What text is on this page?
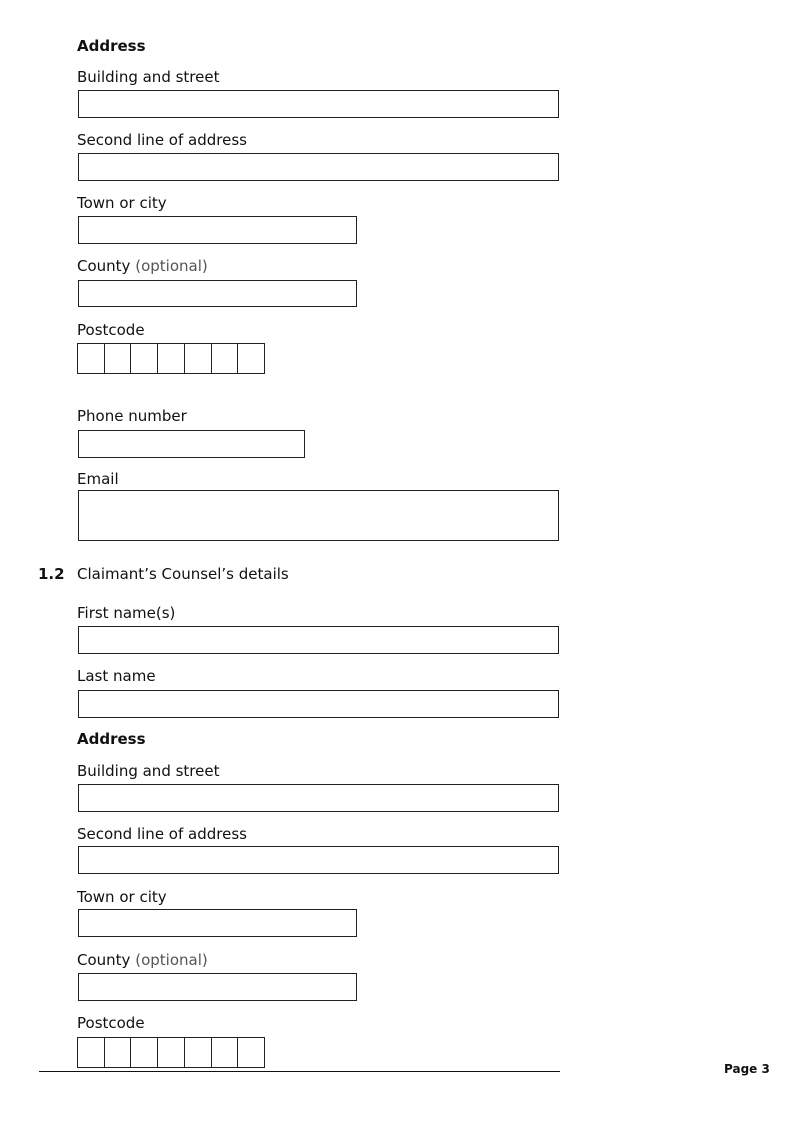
Address
Building and street
Second line of address
Town or city
County (optional)
Postcode
Phone number
Email
1.2 Claimant’s Counsel’s details
First name(s)
Last name
Address
Building and street
Second line of address
Town or city
County (optional)
Postcode
Page 3
